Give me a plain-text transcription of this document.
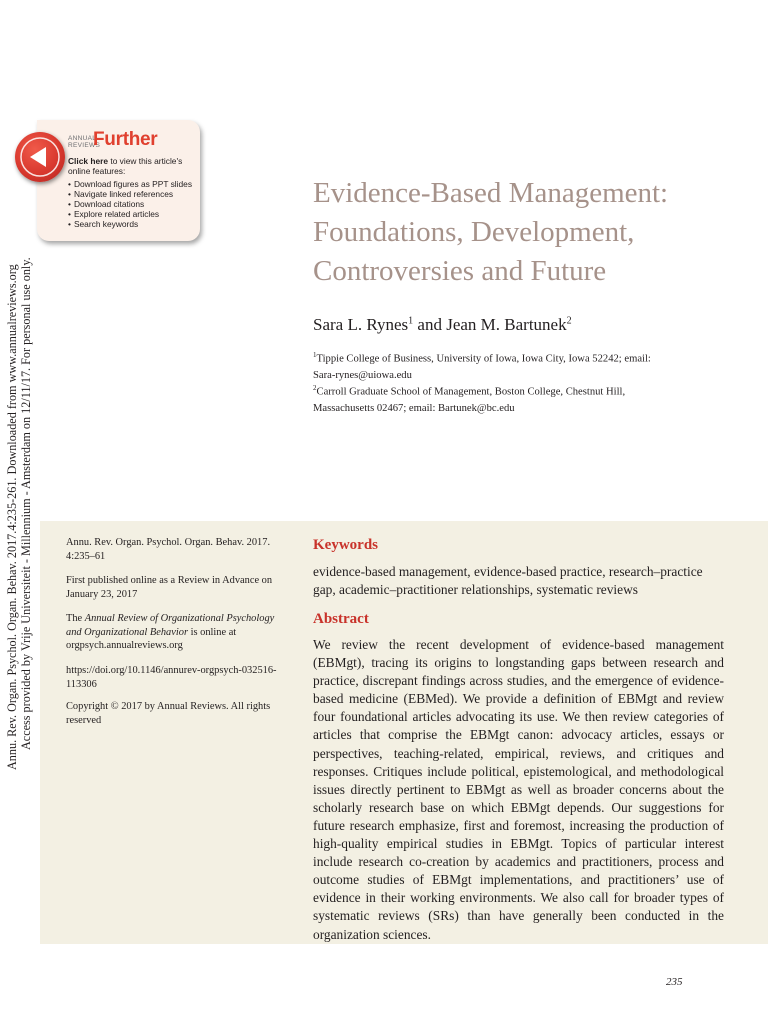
Annu. Rev. Organ. Psychol. Organ. Behav. 2017.4:235-261. Downloaded from www.annualreviews.org Access provided by Vrije Universiteit - Millennium - Amsterdam on 12/11/17. For personal use only.
ANNUAL
REVIEWS
Further
Click here to view this article's online features:
• Download figures as PPT slides
• Navigate linked references
• Download citations
• Explore related articles
• Search keywords
Evidence-Based Management: Foundations, Development, Controversies and Future
Sara L. Rynes$^1$ and Jean M. Bartunek$^2$
$^1$Tippie College of Business, University of Iowa, Iowa City, Iowa 52242; email: Sara-rynes@uiowa.edu
$^2$Carroll Graduate School of Management, Boston College, Chestnut Hill, Massachusetts 02467; email: Bartunek@bc.edu
Annu. Rev. Organ. Psychol. Organ. Behav. 2017. 4:235–61
First published online as a Review in Advance on January 23, 2017
The Annual Review of Organizational Psychology and Organizational Behavior is online at orgpsych.annualreviews.org
https://doi.org/10.1146/annurev-orgpsych-032516-113306
Copyright © 2017 by Annual Reviews. All rights reserved
Keywords
evidence-based management, evidence-based practice, research–practice gap, academic–practitioner relationships, systematic reviews
Abstract

We review the recent development of evidence-based management (EBMgt), tracing its origins to longstanding gaps between research and practice, discrepant findings across studies, and the emergence of evidence-based medicine (EBMed). We provide a definition of EBMgt and review four foundational articles advocating its use. We then review categories of articles that comprise the EBMgt canon: advocacy articles, essays or perspectives, teaching-related, empirical, reviews, and critiques and responses. Critiques include political, epistemological, and methodological issues directly pertinent to EBMgt as well as broader concerns about the scholarly research base on which EBMgt depends. Our suggestions for future research emphasize, first and foremost, increasing the production of high-quality empirical studies in EBMgt. Topics of particular interest include research co-creation by academics and practitioners, process and outcome studies of EBMgt implementations, and practitioners’ use of evidence in their working environments. We also call for broader types of systematic reviews (SRs) than have generally been conducted in the organization sciences.

235
